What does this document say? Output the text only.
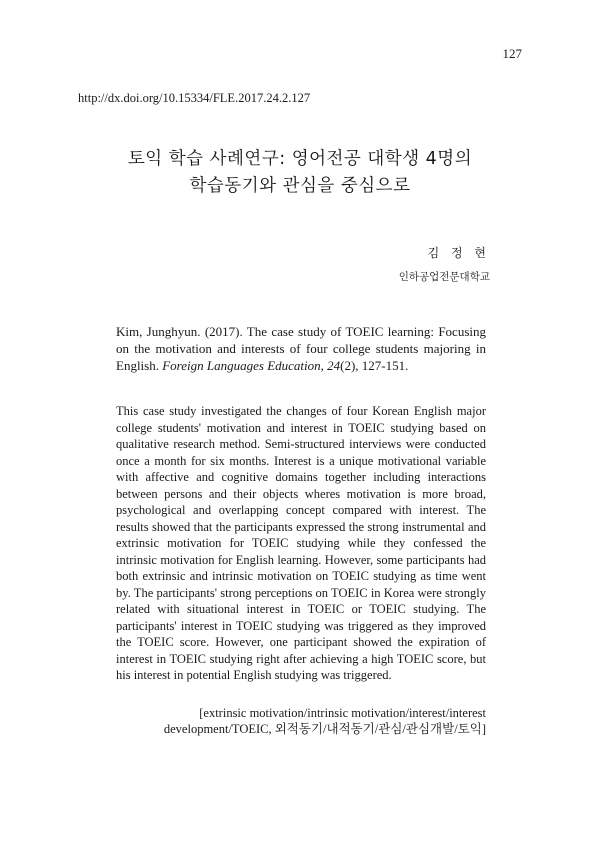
127
http://dx.doi.org/10.15334/FLE.2017.24.2.127
토익 학습 사례연구: 영어전공 대학생 4명의
학습동기와 관심을 중심으로
김 정 현
인하공업전문대학교
Kim, Junghyun. (2017). The case study of TOEIC learning: Focusing on the motivation and interests of four college students majoring in English. Foreign Languages Education, 24(2), 127-151.

This case study investigated the changes of four Korean English major college students' motivation and interest in TOEIC studying based on qualitative research method. Semi-structured interviews were conducted once a month for six months. Interest is a unique motivational variable with affective and cognitive domains together including interactions between persons and their objects wheres motivation is more broad, psychological and overlapping concept compared with interest. The results showed that the participants expressed the strong instrumental and extrinsic motivation for TOEIC studying while they confessed the intrinsic motivation for English learning. However, some participants had both extrinsic and intrinsic motivation on TOEIC studying as time went by. The participants' strong perceptions on TOEIC in Korea were strongly related with situational interest in TOEIC or TOEIC studying. The participants' interest in TOEIC studying was triggered as they improved the TOEIC score. However, one participant showed the expiration of interest in TOEIC studying right after achieving a high TOEIC score, but his interest in potential English studying was triggered.

[extrinsic motivation/intrinsic motivation/interest/interest development/TOEIC, 외적동기/내적동기/관심/관심개발/토익]
